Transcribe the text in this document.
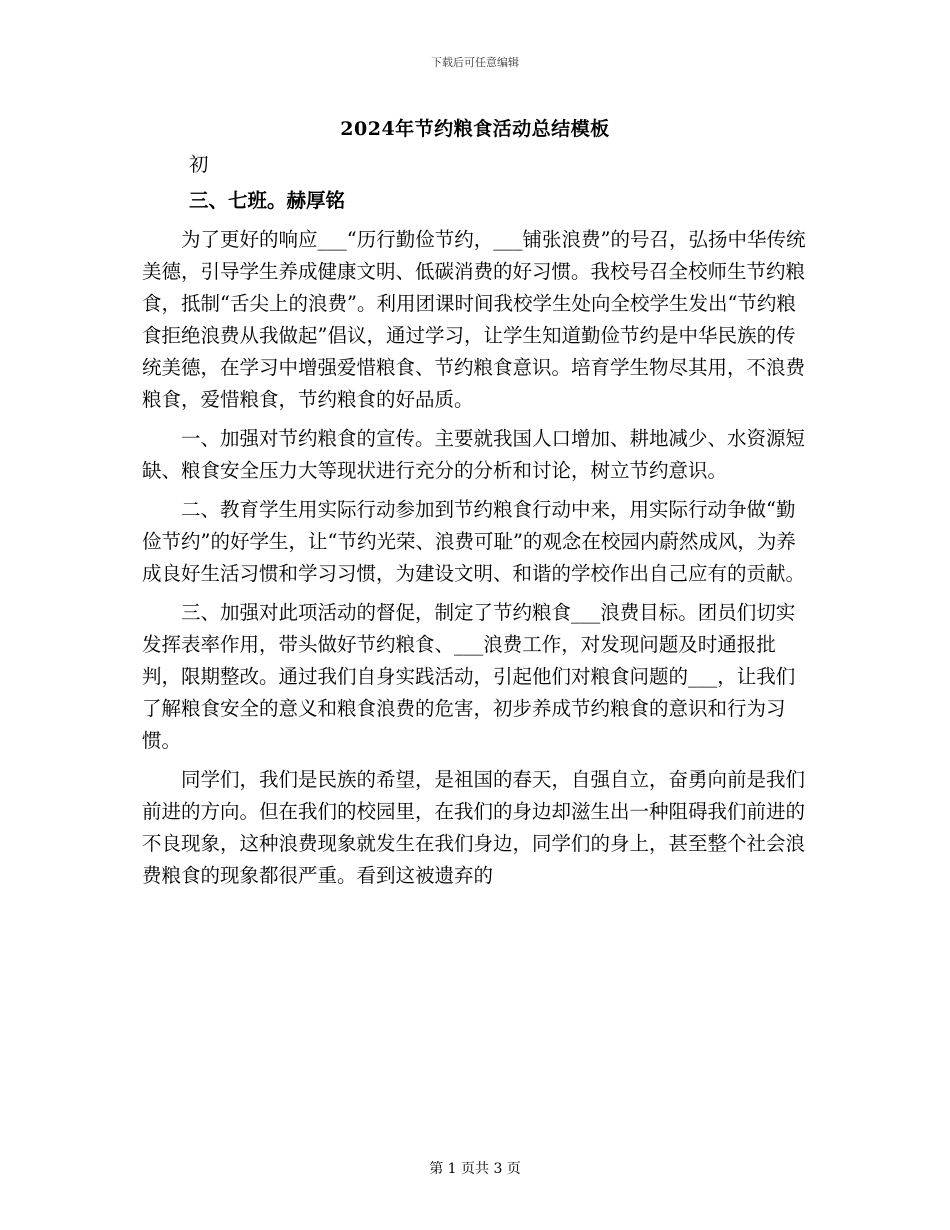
下载后可任意编辑
2024年节约粮食活动总结模板

初

三、七班。赫厚铭

为了更好的响应___“历行勤俭节约，___铺张浪费”的号召，弘扬中华传统美德，引导学生养成健康文明、低碳消费的好习惯。我校号召全校师生节约粮食，抵制“舌尖上的浪费”。利用团课时间我校学生处向全校学生发出“节约粮食拒绝浪费从我做起”倡议，通过学习，让学生知道勤俭节约是中华民族的传统美德，在学习中增强爱惜粮食、节约粮食意识。培育学生物尽其用，不浪费粮食，爱惜粮食，节约粮食的好品质。

一、加强对节约粮食的宣传。主要就我国人口增加、耕地减少、水资源短缺、粮食安全压力大等现状进行充分的分析和讨论，树立节约意识。

二、教育学生用实际行动参加到节约粮食行动中来，用实际行动争做“勤俭节约”的好学生，让“节约光荣、浪费可耻”的观念在校园内蔚然成风，为养成良好生活习惯和学习习惯，为建设文明、和谐的学校作出自己应有的贡献。

三、加强对此项活动的督促，制定了节约粮食___浪费目标。团员们切实发挥表率作用，带头做好节约粮食、___浪费工作，对发现问题及时通报批判，限期整改。通过我们自身实践活动，引起他们对粮食问题的___，让我们了解粮食安全的意义和粮食浪费的危害，初步养成节约粮食的意识和行为习惯。

同学们，我们是民族的希望，是祖国的春天，自强自立，奋勇向前是我们前进的方向。但在我们的校园里，在我们的身边却滋生出一种阻碍我们前进的不良现象，这种浪费现象就发生在我们身边，同学们的身上，甚至整个社会浪费粮食的现象都很严重。看到这被遗弃的

第 1 页共 3 页
